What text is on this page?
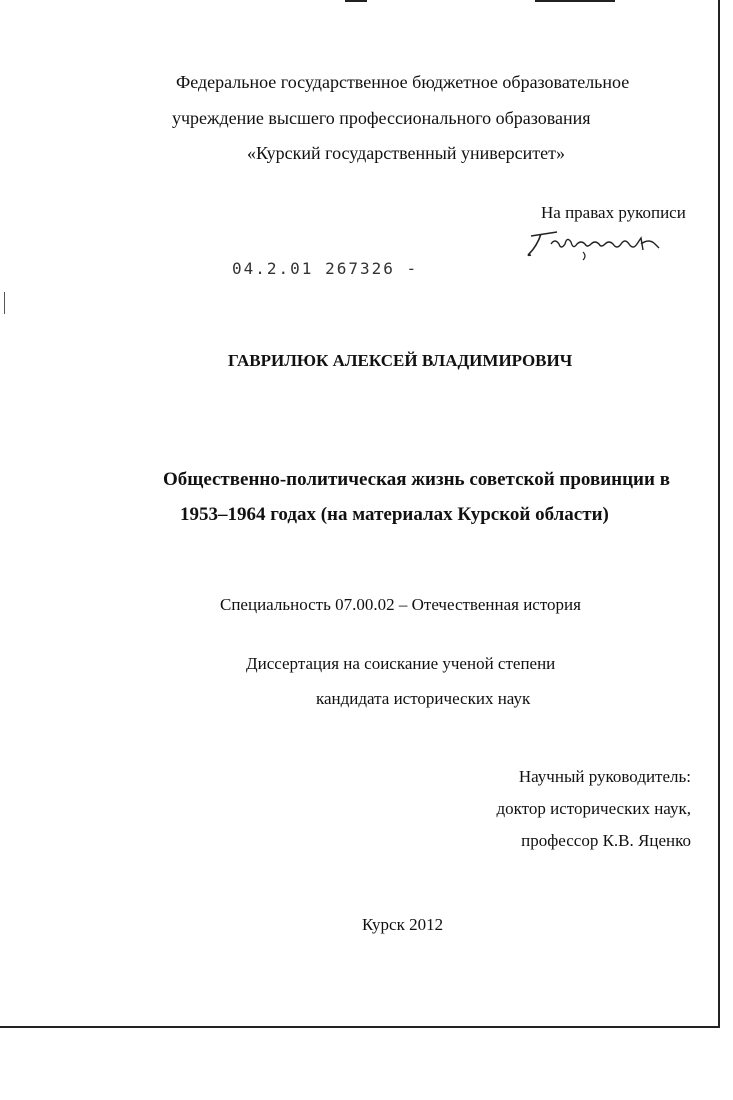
Федеральное государственное бюджетное образовательное
учреждение высшего профессионального образования
«Курский государственный университет»
На правах рукописи
04.2.01 267326 -
ГАВРИЛЮК АЛЕКСЕЙ ВЛАДИМИРОВИЧ
Общественно-политическая жизнь советской провинции в
1953–1964 годах (на материалах Курской области)
Специальность 07.00.02 – Отечественная история
Диссертация на соискание ученой степени
кандидата исторических наук
Научный руководитель:
доктор исторических наук,
профессор К.В. Яценко
Курск 2012
